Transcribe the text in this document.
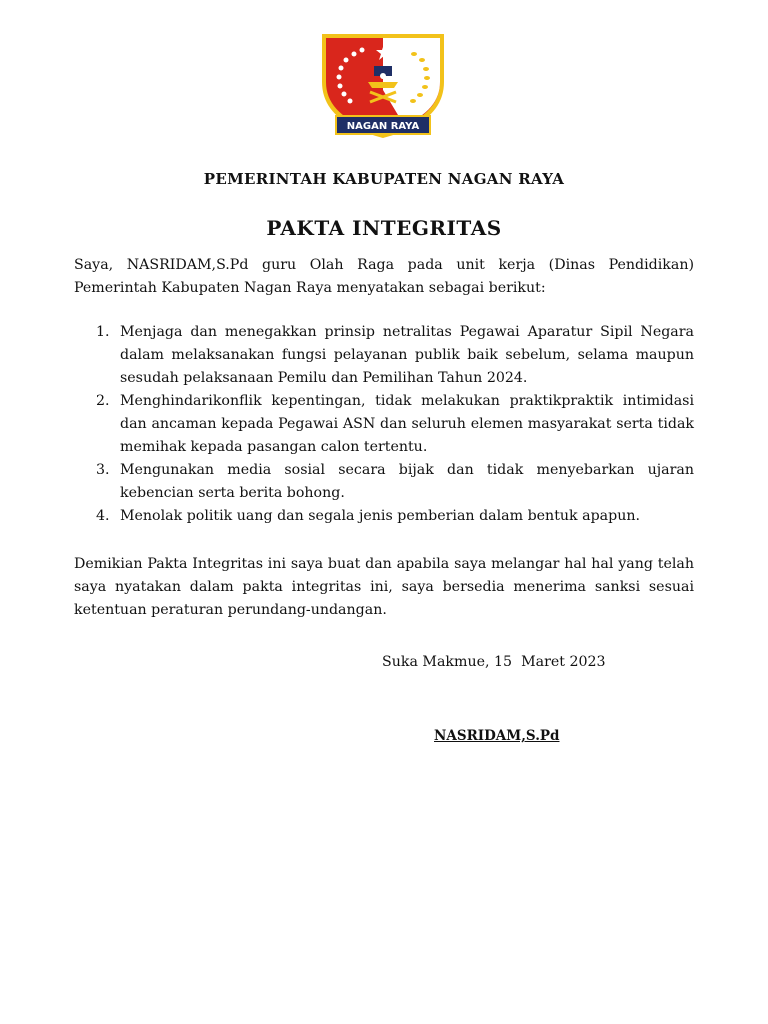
NAGAN RAYA
PEMERINTAH KABUPATEN NAGAN RAYA
PAKTA INTEGRITAS

Saya, NASRIDAM,S.Pd guru Olah Raga pada unit kerja (Dinas Pendidikan) Pemerintah Kabupaten Nagan Raya menyatakan sebagai berikut:

1. Menjaga dan menegakkan prinsip netralitas Pegawai Aparatur Sipil Negara dalam melaksanakan fungsi pelayanan publik baik sebelum, selama maupun sesudah pelaksanaan Pemilu dan Pemilihan Tahun 2024.
2. Menghindarikonflik kepentingan, tidak melakukan praktikpraktik intimidasi dan ancaman kepada Pegawai ASN dan seluruh elemen masyarakat serta tidak memihak kepada pasangan calon tertentu.
3. Mengunakan media sosial secara bijak dan tidak menyebarkan ujaran kebencian serta berita bohong.
4. Menolak politik uang dan segala jenis pemberian dalam bentuk apapun.

Demikian Pakta Integritas ini saya buat dan apabila saya melangar hal hal yang telah saya nyatakan dalam pakta integritas ini, saya bersedia menerima sanksi sesuai ketentuan peraturan perundang-undangan.

Suka Makmue, 15  Maret 2023
NASRIDAM,S.Pd
